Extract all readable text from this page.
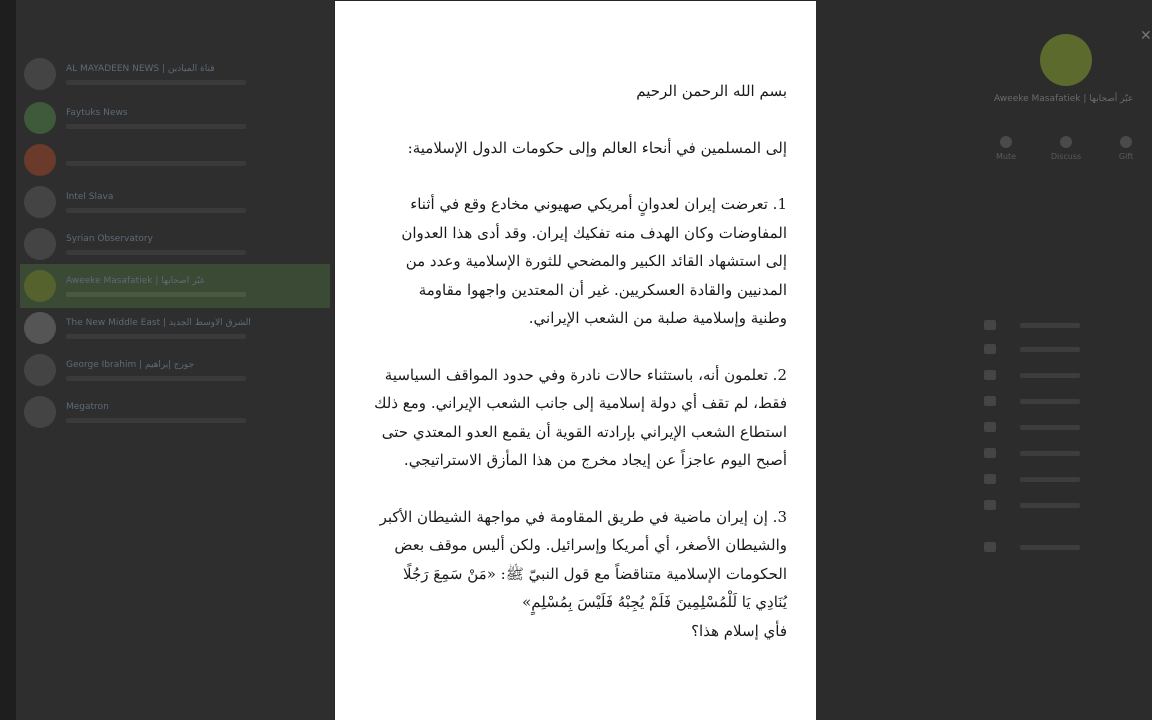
AL MAYADEEN NEWS | قناة الميادين
Faytuks News
Intel Slava
Syrian Observatory
Aweeke Masafatiek | عبّر أصحابها
The New Middle East | الشرق الأوسط الجديد
George Ibrahim | جورج إبراهيم
Megatron
Aweeke Masafatiek | عبّر أصحابها
Mute	Discuss	Gift
✕
بسم الله الرحمن الرحيم
إلى المسلمين في أنحاء العالم وإلى حكومات الدول الإسلامية:
1. تعرضت إيران لعدوانٍ أمريكي صهيوني مخادع وقع في أثناء
المفاوضات وكان الهدف منه تفكيك إيران. وقد أدى هذا العدوان
إلى استشهاد القائد الكبير والمضحي للثورة الإسلامية وعدد من
المدنيين والقادة العسكريين. غير أن المعتدين واجهوا مقاومة
وطنية وإسلامية صلبة من الشعب الإيراني.
2. تعلمون أنه، باستثناء حالات نادرة وفي حدود المواقف السياسية
فقط، لم تقف أي دولة إسلامية إلى جانب الشعب الإيراني. ومع ذلك
استطاع الشعب الإيراني بإرادته القوية أن يقمع العدو المعتدي حتى
أصبح اليوم عاجزاً عن إيجاد مخرج من هذا المأزق الاستراتيجي.
3. إن إيران ماضية في طريق المقاومة في مواجهة الشيطان الأكبر
والشيطان الأصغر، أي أمريكا وإسرائيل. ولكن أليس موقف بعض
الحكومات الإسلامية متناقضاً مع قول النبيّ ﷺ: «مَنْ سَمِعَ رَجُلًا
يُنَادِي يَا لَلْمُسْلِمِينَ فَلَمْ يُجِبْهُ فَلَيْسَ بِمُسْلِمٍ»
فأي إسلام هذا؟
